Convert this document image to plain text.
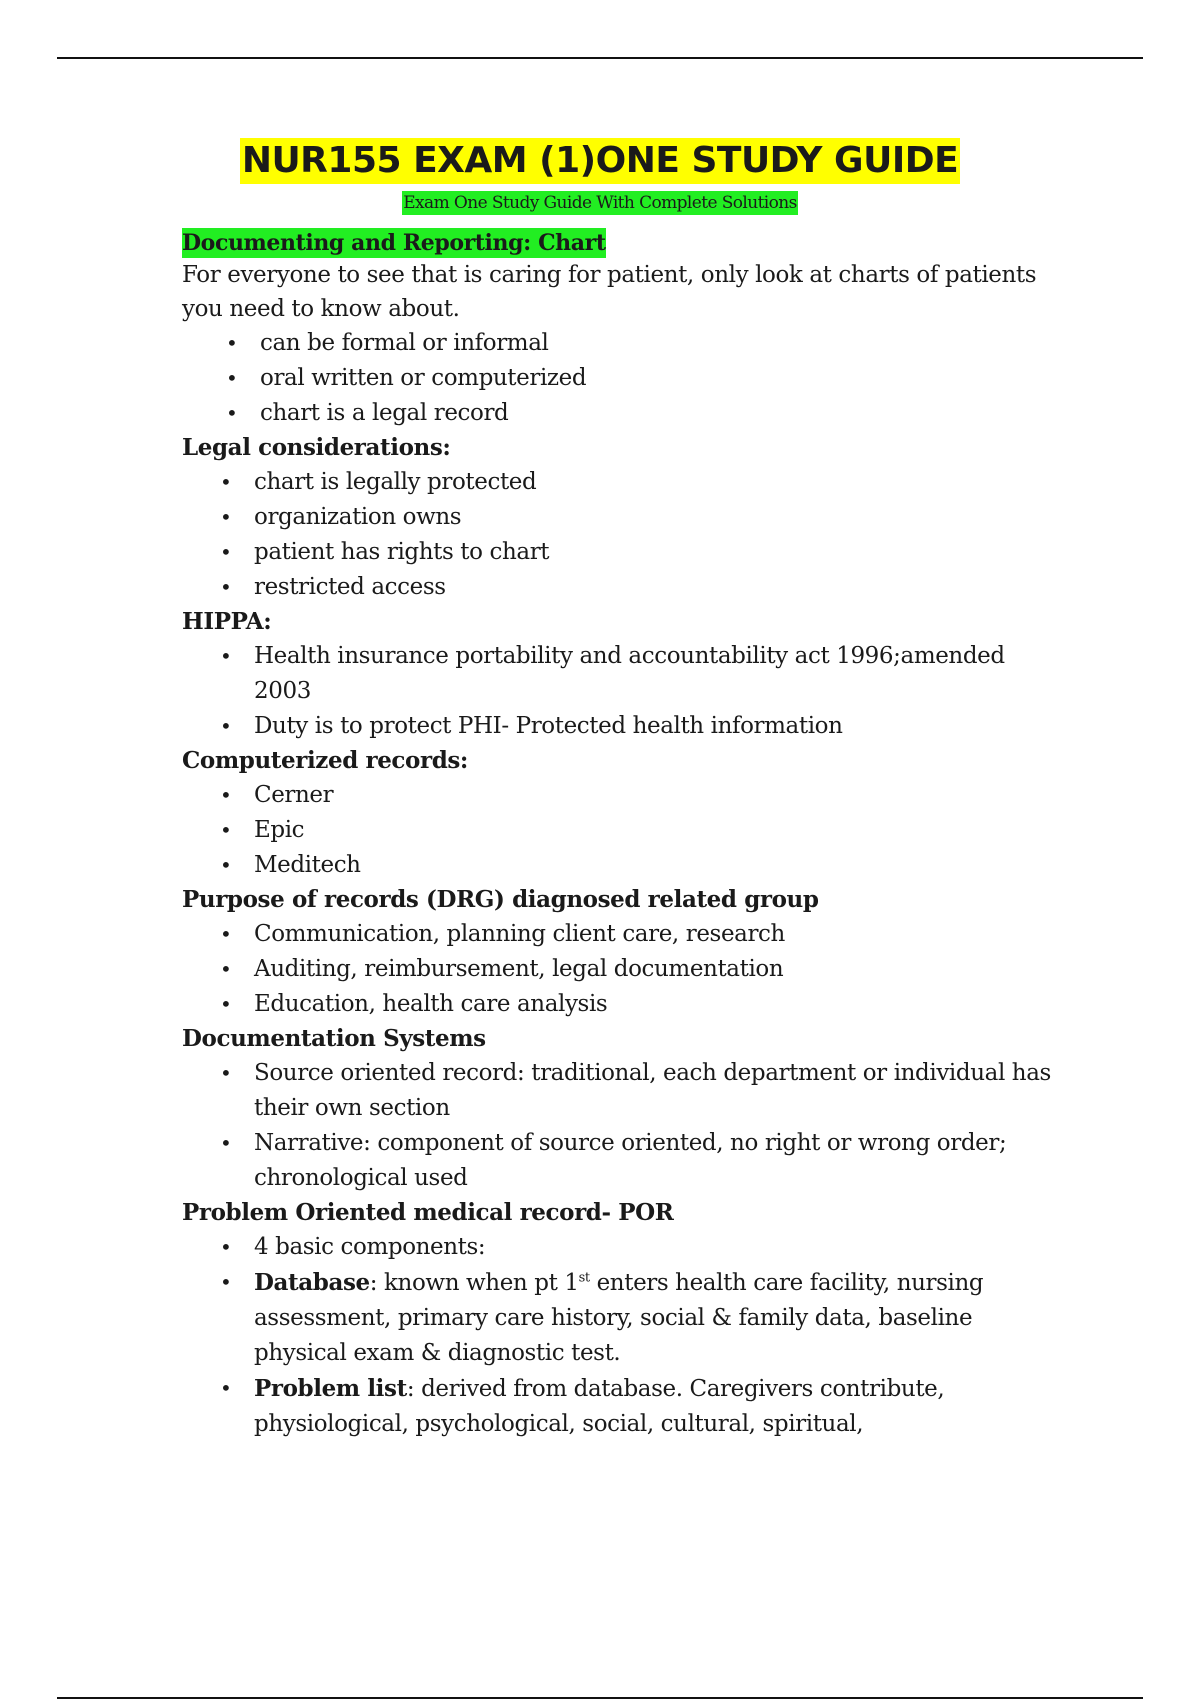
NUR155 EXAM (1)ONE STUDY GUIDE
Exam One Study Guide With Complete Solutions
Documenting and Reporting: Chart
For everyone to see that is caring for patient, only look at charts of patients you need to know about.
• can be formal or informal
• oral written or computerized
• chart is a legal record
Legal considerations:
• chart is legally protected
• organization owns
• patient has rights to chart
• restricted access
HIPPA:
• Health insurance portability and accountability act 1996;amended 2003
• Duty is to protect PHI- Protected health information
Computerized records:
• Cerner
• Epic
• Meditech
Purpose of records (DRG) diagnosed related group
• Communication, planning client care, research
• Auditing, reimbursement, legal documentation
• Education, health care analysis
Documentation Systems
• Source oriented record: traditional, each department or individual has their own section
• Narrative: component of source oriented, no right or wrong order; chronological used
Problem Oriented medical record- POR
• 4 basic components:
• Database: known when pt 1st enters health care facility, nursing assessment, primary care history, social & family data, baseline physical exam & diagnostic test.
• Problem list: derived from database. Caregivers contribute, physiological, psychological, social, cultural, spiritual,
